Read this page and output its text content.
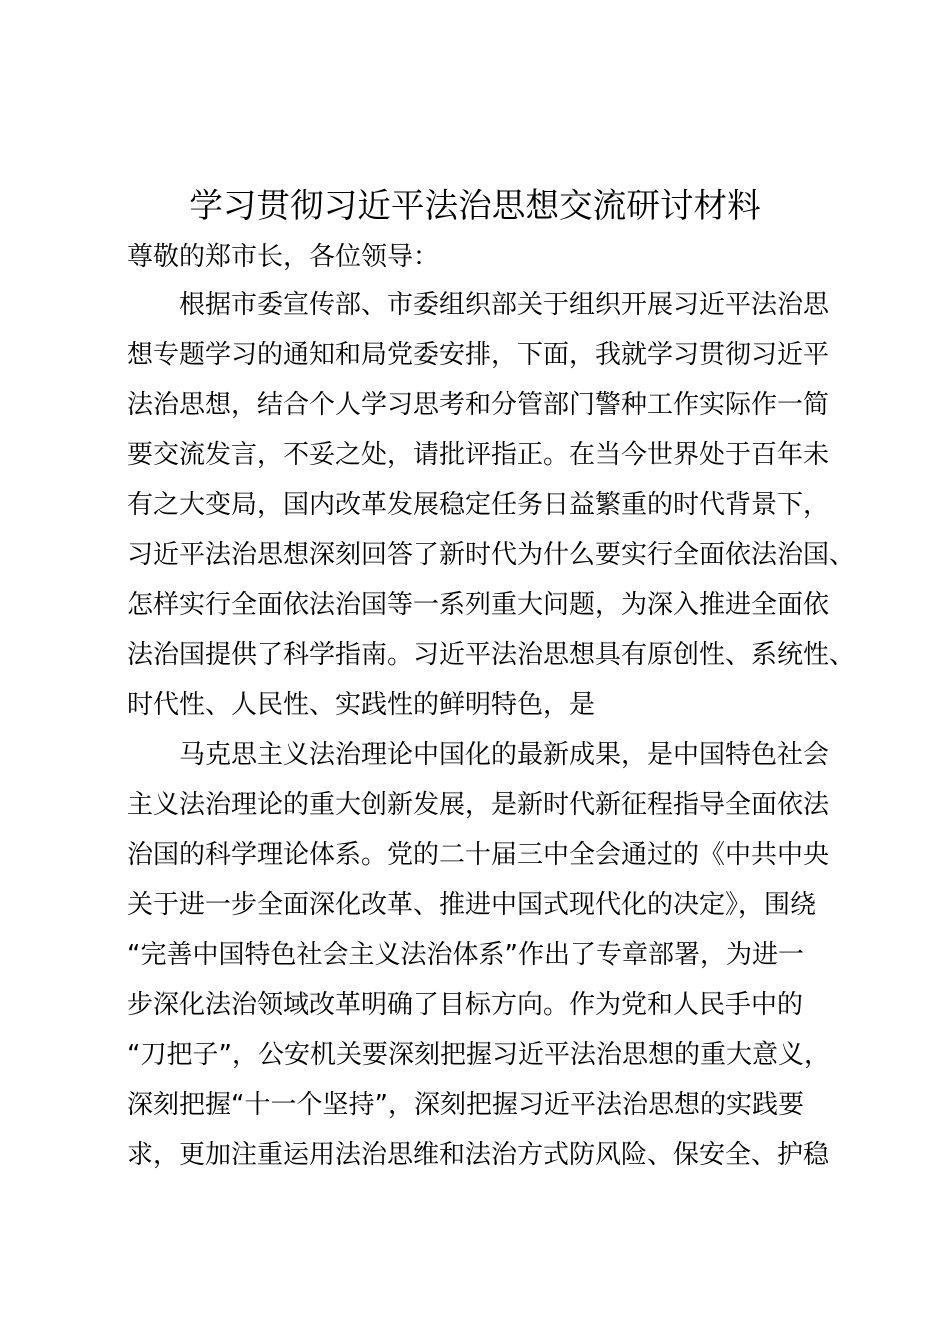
学习贯彻习近平法治思想交流研讨材料

尊敬的郑市长，各位领导：

根据市委宣传部、市委组织部关于组织开展习近平法治思

想专题学习的通知和局党委安排，下面，我就学习贯彻习近平

法治思想，结合个人学习思考和分管部门警种工作实际作一简

要交流发言，不妥之处，请批评指正。在当今世界处于百年未

有之大变局，国内改革发展稳定任务日益繁重的时代背景下，

习近平法治思想深刻回答了新时代为什么要实行全面依法治国、

怎样实行全面依法治国等一系列重大问题，为深入推进全面依

法治国提供了科学指南。习近平法治思想具有原创性、系统性、

时代性、人民性、实践性的鲜明特色，是

马克思主义法治理论中国化的最新成果，是中国特色社会

主义法治理论的重大创新发展，是新时代新征程指导全面依法

治国的科学理论体系。党的二十届三中全会通过的《中共中央

关于进一步全面深化改革、推进中国式现代化的决定》，围绕

“完善中国特色社会主义法治体系”作出了专章部署，为进一

步深化法治领域改革明确了目标方向。作为党和人民手中的

“刀把子”，公安机关要深刻把握习近平法治思想的重大意义，

深刻把握“十一个坚持”，深刻把握习近平法治思想的实践要

求，更加注重运用法治思维和法治方式防风险、保安全、护稳
